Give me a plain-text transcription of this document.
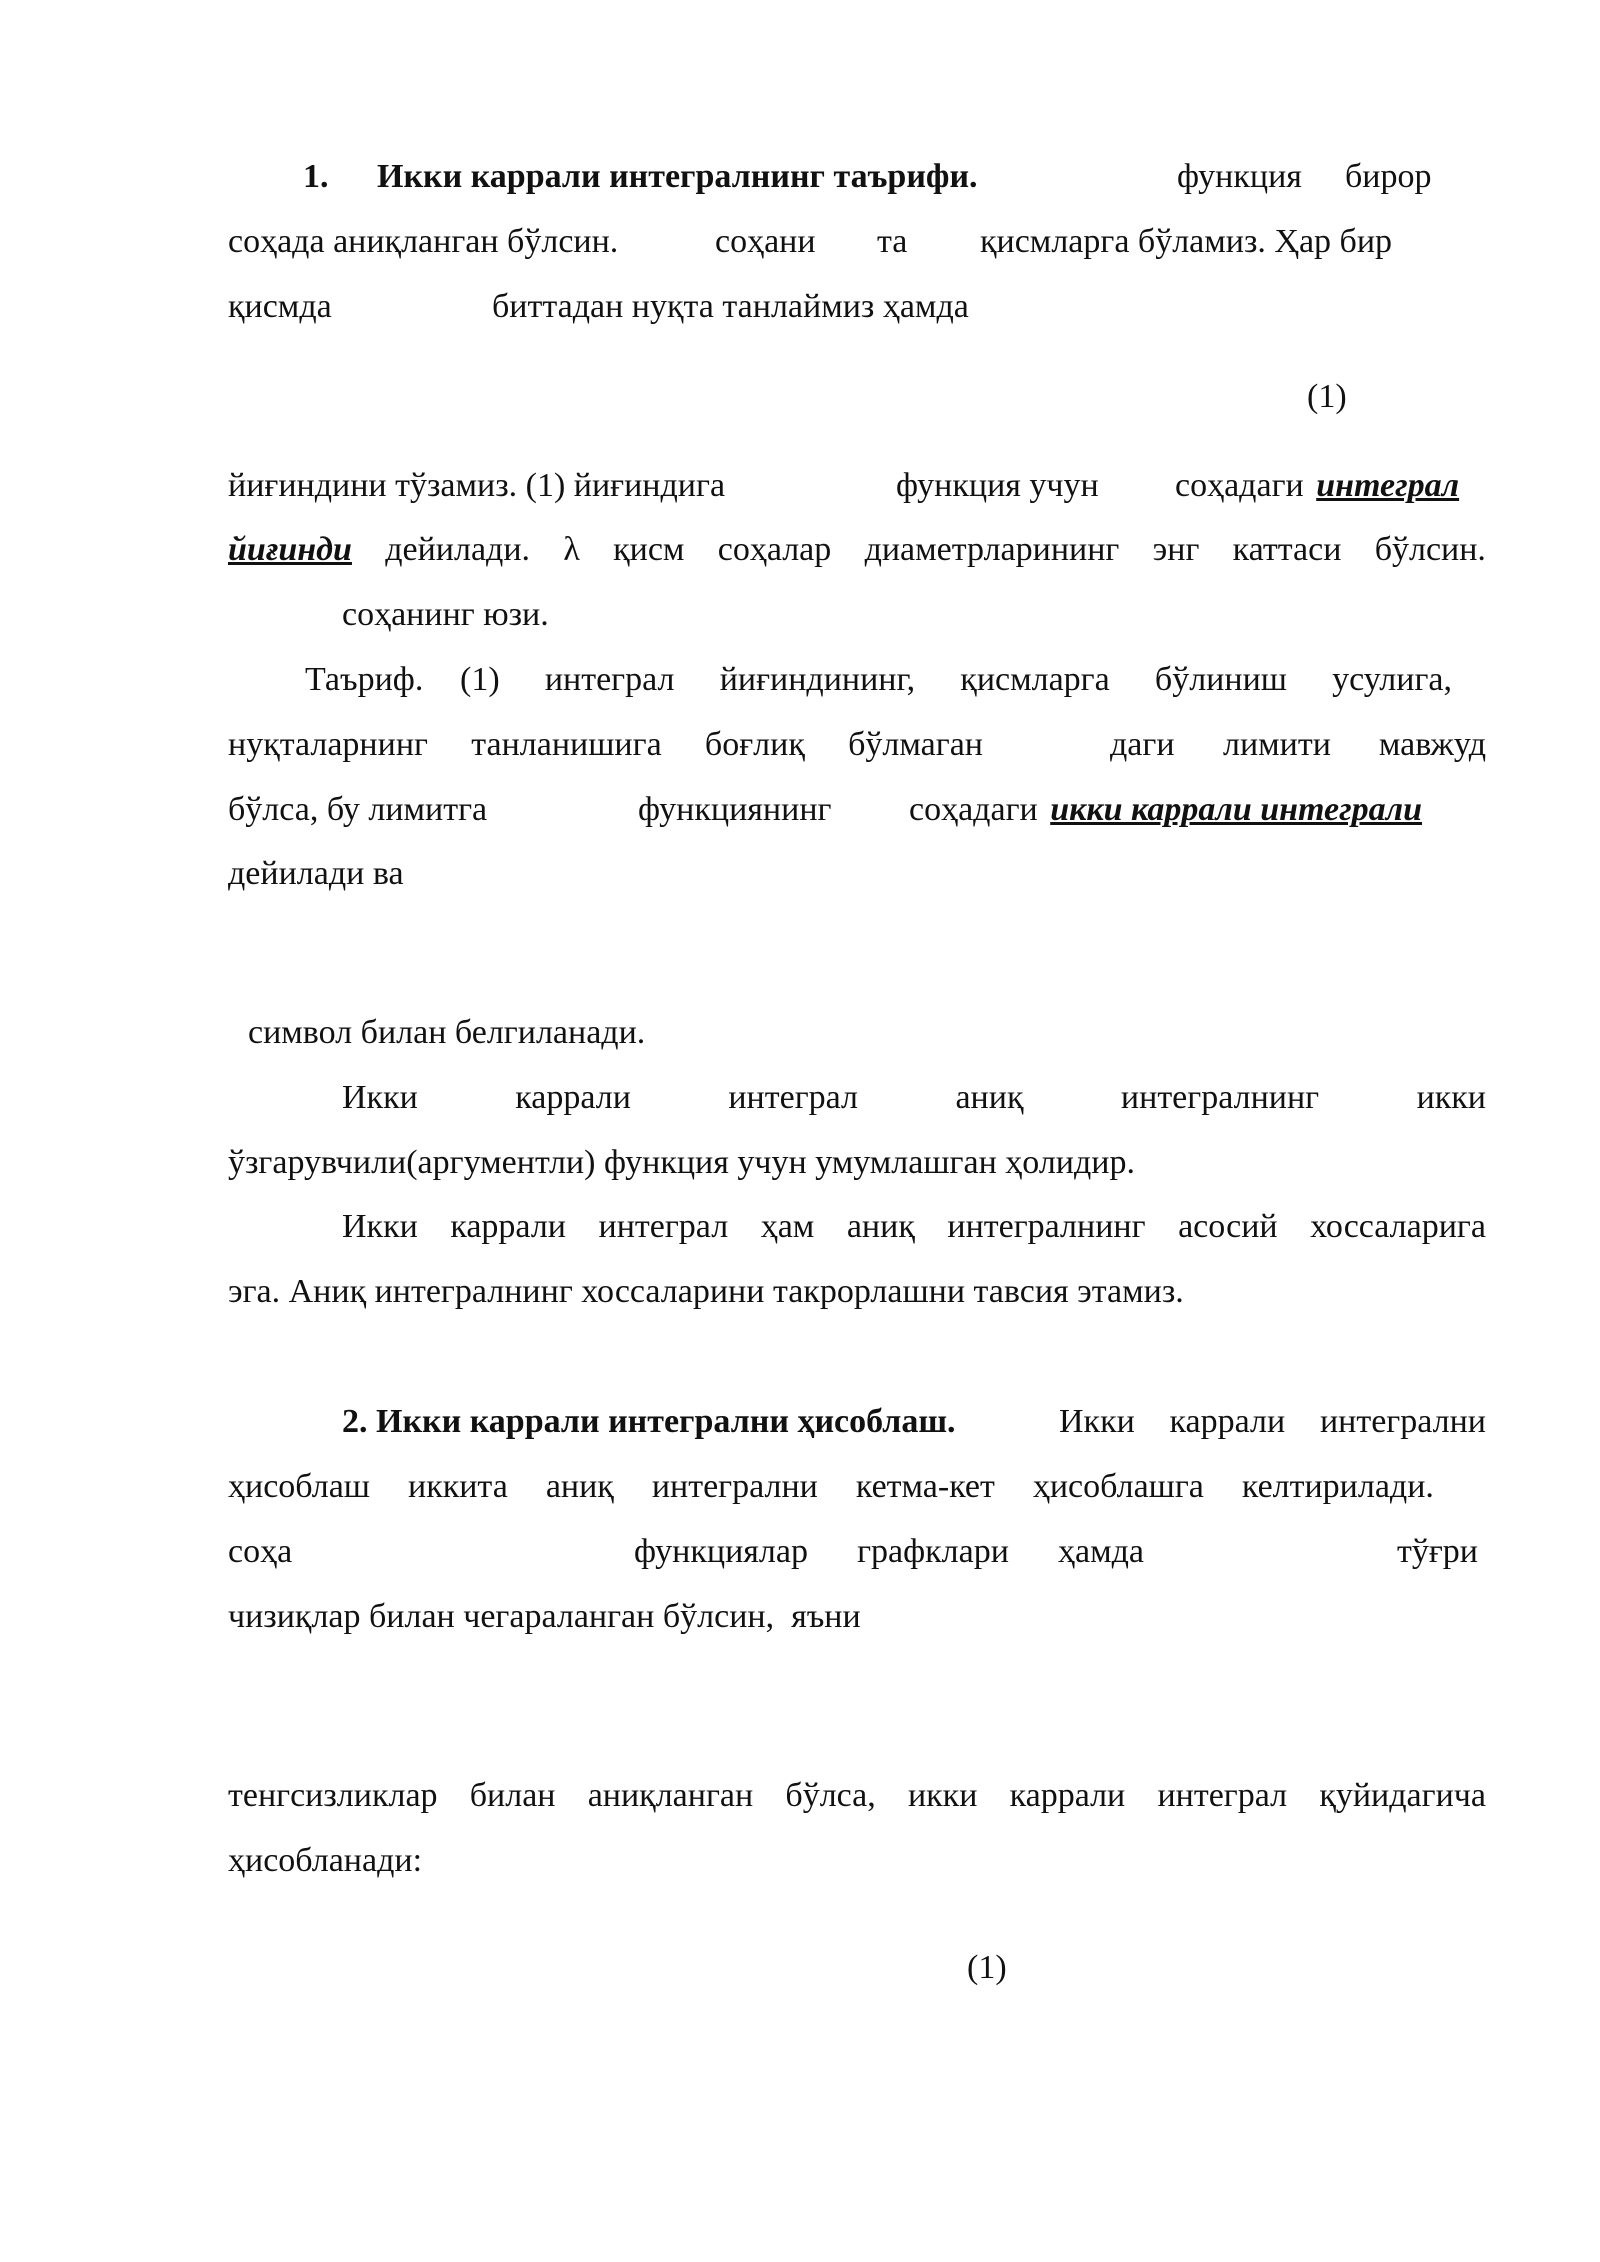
1. Икки каррали интегралнинг таърифи.	функция бирор
соҳада аниқланган бўлсин.	соҳани та қисмларга бўламиз. Ҳар бир
қисмда	биттадан нуқта танлаймиз ҳамда
(1)
йиғиндини тўзамиз. (1) йиғиндига	функция учун соҳадаги интеграл
йиғинди дейилади. λ қисм соҳалар диаметрларининг энг каттаси бўлсин.
соҳанинг юзи.
Таъриф. (1) интеграл йиғиндининг, қисмларга бўлиниш усулига,
нуқталарнинг танланишига боғлиқ бўлмаган	даги лимити мавжуд
бўлса, бу лимитга	функциянинг соҳадаги икки каррали интеграли
дейилади ва
символ билан белгиланади.
Икки	каррали	интеграл	аниқ	интегралнинг	икки
ўзгарувчили(аргументли) функция учун умумлашган ҳолидир.
Икки каррали интеграл ҳам аниқ интегралнинг асосий хоссаларига
эга. Аниқ интегралнинг хоссаларини такрорлашни тавсия этамиз.
2. Икки каррали интегрални ҳисоблаш.	Икки каррали интегрални
ҳисоблаш иккита аниқ интегрални кетма-кет ҳисоблашга келтирилади.
соҳа	функциялар графклари ҳамда	тўғри
чизиқлар билан чегараланган бўлсин,  яъни
тенгсизликлар билан аниқланган бўлса, икки каррали интеграл қуйидагича
ҳисобланади:
(1)
